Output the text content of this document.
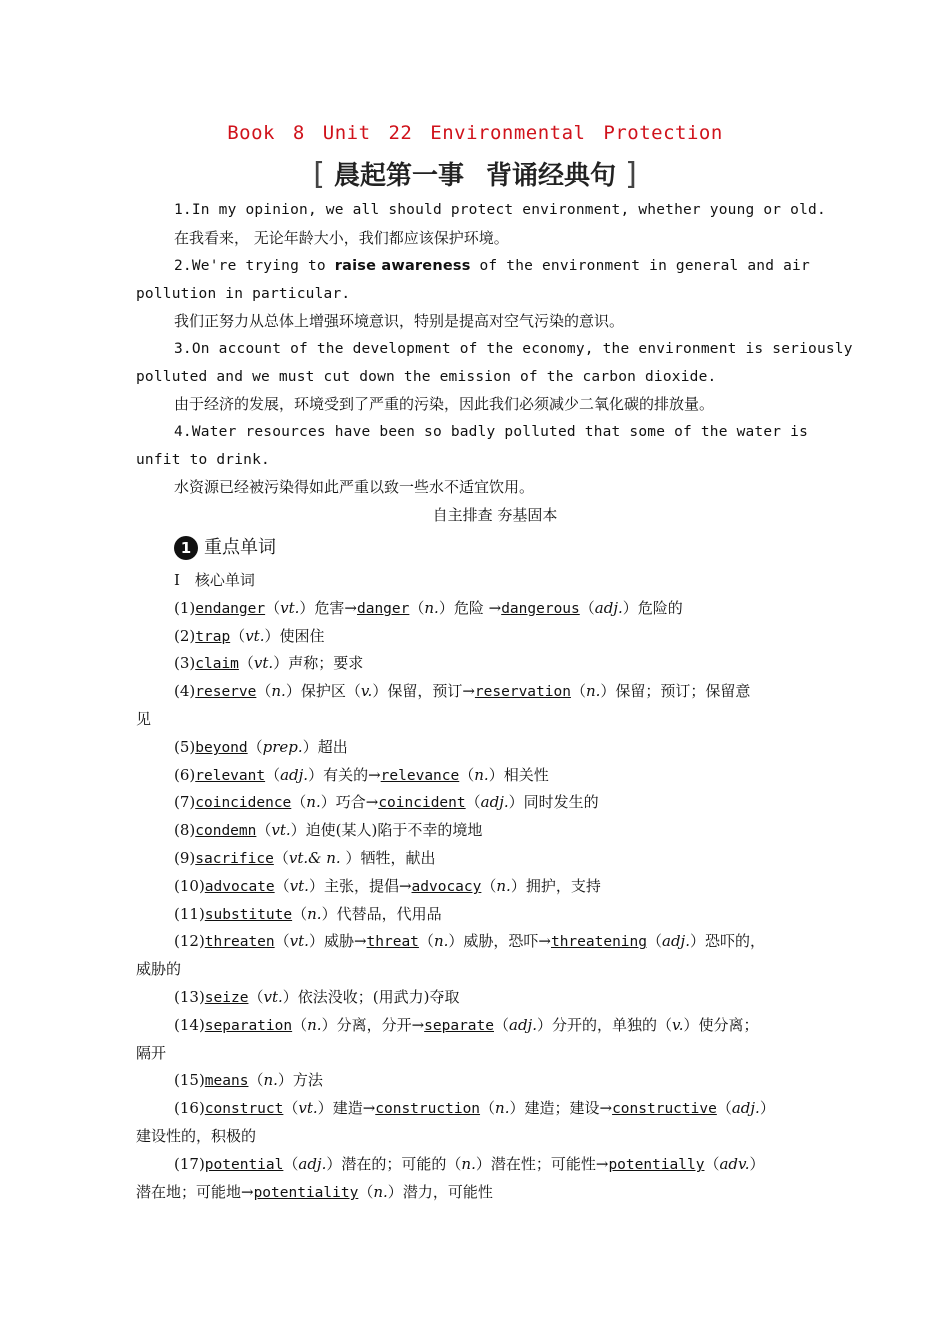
Book 8 Unit 22 Environmental Protection
[ 晨起第一事 背诵经典句 ]
1.In my opinion, we all should protect environment, whether young or old.
在我看来， 无论年龄大小，我们都应该保护环境。
2.We're trying to raise awareness of the environment in general and air
pollution in particular.
我们正努力从总体上增强环境意识，特别是提高对空气污染的意识。
3.On account of the development of the economy, the environment is seriously
polluted and we must cut down the emission of the carbon dioxide.
由于经济的发展，环境受到了严重的污染，因此我们必须减少二氧化碳的排放量。
4.Water resources have been so badly polluted that some of the water is
unfit to drink.
水资源已经被污染得如此严重以致一些水不适宜饮用。
自主排查 夯基固本
1 重点单词
Ⅰ　核心单词
(1)endanger（vt.）危害→danger（n.）危险 →dangerous（adj.）危险的
(2)trap（vt.）使困住
(3)claim（vt.）声称；要求
(4)reserve（n.）保护区（v.）保留，预订→reservation（n.）保留；预订；保留意
见
(5)beyond（prep.）超出
(6)relevant（adj.）有关的→relevance（n.）相关性
(7)coincidence（n.）巧合→coincident（adj.）同时发生的
(8)condemn（vt.）迫使(某人)陷于不幸的境地
(9)sacrifice（vt.& n. ）牺牲，献出
(10)advocate（vt.）主张，提倡→advocacy（n.）拥护，支持
(11)substitute（n.）代替品，代用品
(12)threaten（vt.）威胁→threat（n.）威胁，恐吓→threatening（adj.）恐吓的，
威胁的
(13)seize（vt.）依法没收；(用武力)夺取
(14)separation（n.）分离，分开→separate（adj.）分开的，单独的（v.）使分离；
隔开
(15)means（n.）方法
(16)construct（vt.）建造→construction（n.）建造；建设→constructive（adj.）
建设性的，积极的
(17)potential（adj.）潜在的；可能的（n.）潜在性；可能性→potentially（adv.）
潜在地；可能地→potentiality（n.）潜力，可能性
